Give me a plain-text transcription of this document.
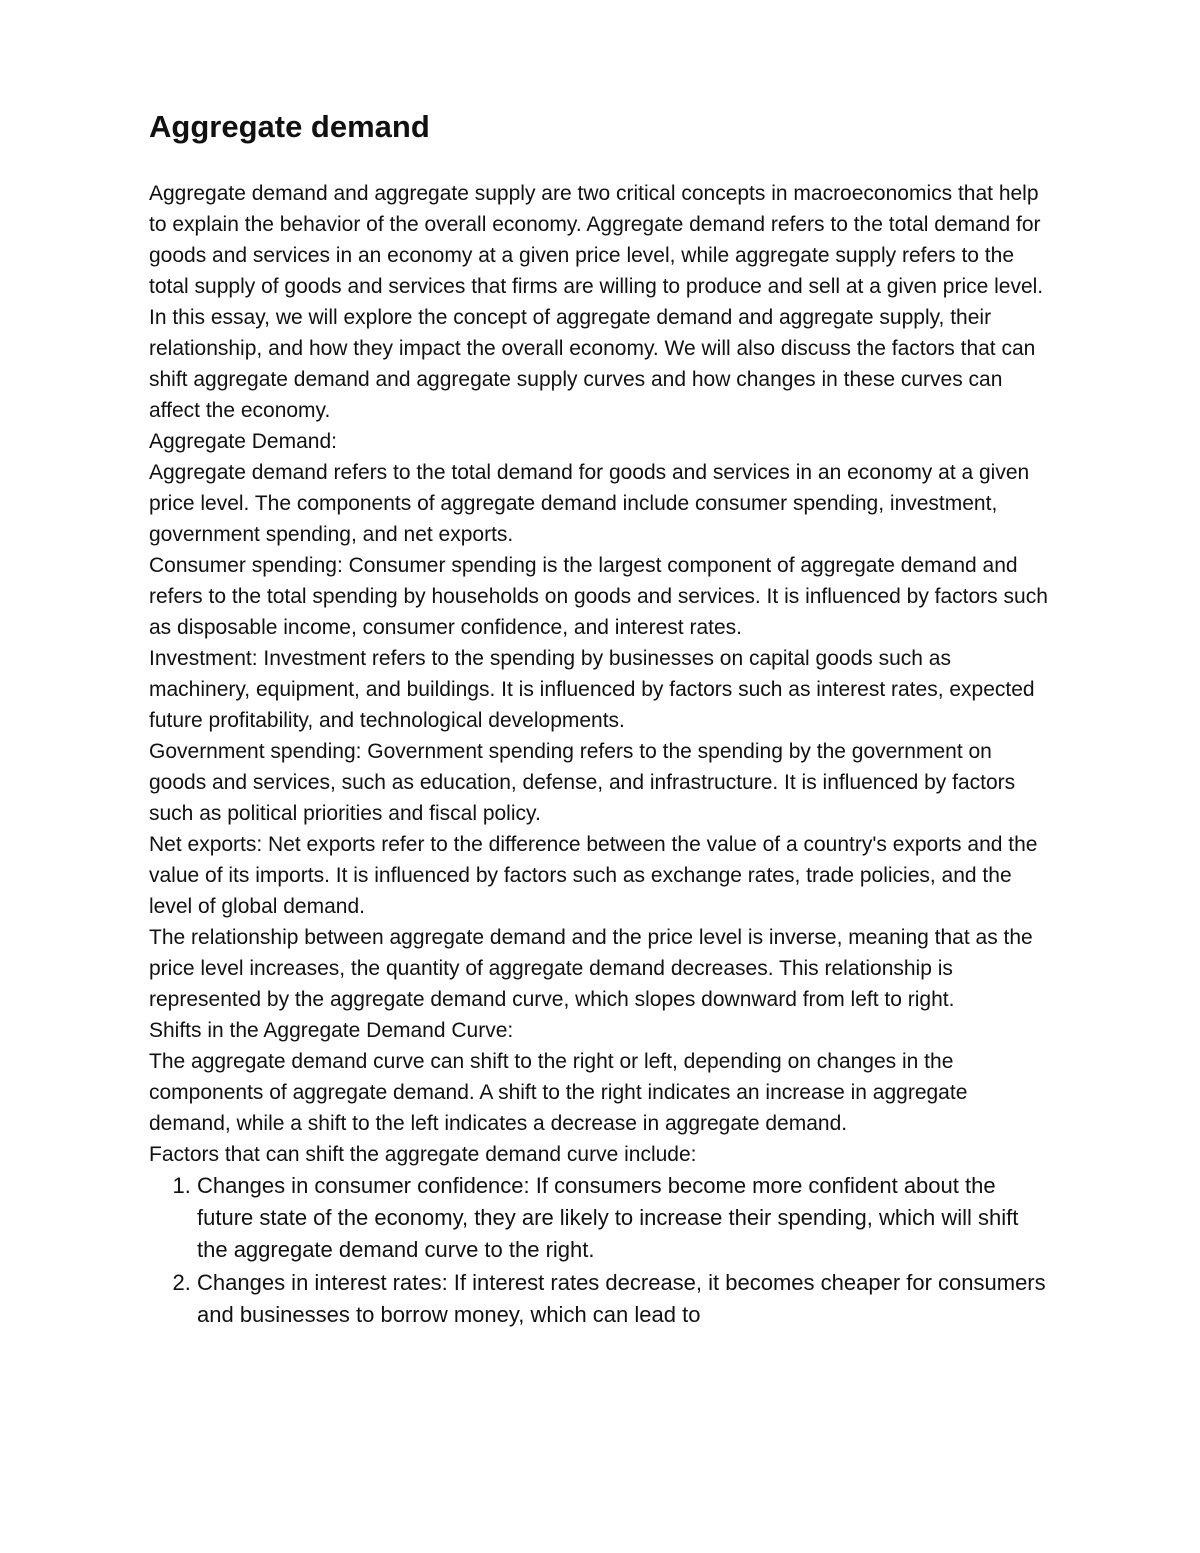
Aggregate demand

Aggregate demand and aggregate supply are two critical concepts in macroeconomics that help to explain the behavior of the overall economy. Aggregate demand refers to the total demand for goods and services in an economy at a given price level, while aggregate supply refers to the total supply of goods and services that firms are willing to produce and sell at a given price level. In this essay, we will explore the concept of aggregate demand and aggregate supply, their relationship, and how they impact the overall economy. We will also discuss the factors that can shift aggregate demand and aggregate supply curves and how changes in these curves can affect the economy.

Aggregate Demand:

Aggregate demand refers to the total demand for goods and services in an economy at a given price level. The components of aggregate demand include consumer spending, investment, government spending, and net exports.

Consumer spending: Consumer spending is the largest component of aggregate demand and refers to the total spending by households on goods and services. It is influenced by factors such as disposable income, consumer confidence, and interest rates.

Investment: Investment refers to the spending by businesses on capital goods such as machinery, equipment, and buildings. It is influenced by factors such as interest rates, expected future profitability, and technological developments.

Government spending: Government spending refers to the spending by the government on goods and services, such as education, defense, and infrastructure. It is influenced by factors such as political priorities and fiscal policy.

Net exports: Net exports refer to the difference between the value of a country's exports and the value of its imports. It is influenced by factors such as exchange rates, trade policies, and the level of global demand.

The relationship between aggregate demand and the price level is inverse, meaning that as the price level increases, the quantity of aggregate demand decreases. This relationship is represented by the aggregate demand curve, which slopes downward from left to right.

Shifts in the Aggregate Demand Curve:

The aggregate demand curve can shift to the right or left, depending on changes in the components of aggregate demand. A shift to the right indicates an increase in aggregate demand, while a shift to the left indicates a decrease in aggregate demand.

Factors that can shift the aggregate demand curve include:

1. Changes in consumer confidence: If consumers become more confident about the future state of the economy, they are likely to increase their spending, which will shift the aggregate demand curve to the right.
2. Changes in interest rates: If interest rates decrease, it becomes cheaper for consumers and businesses to borrow money, which can lead to
